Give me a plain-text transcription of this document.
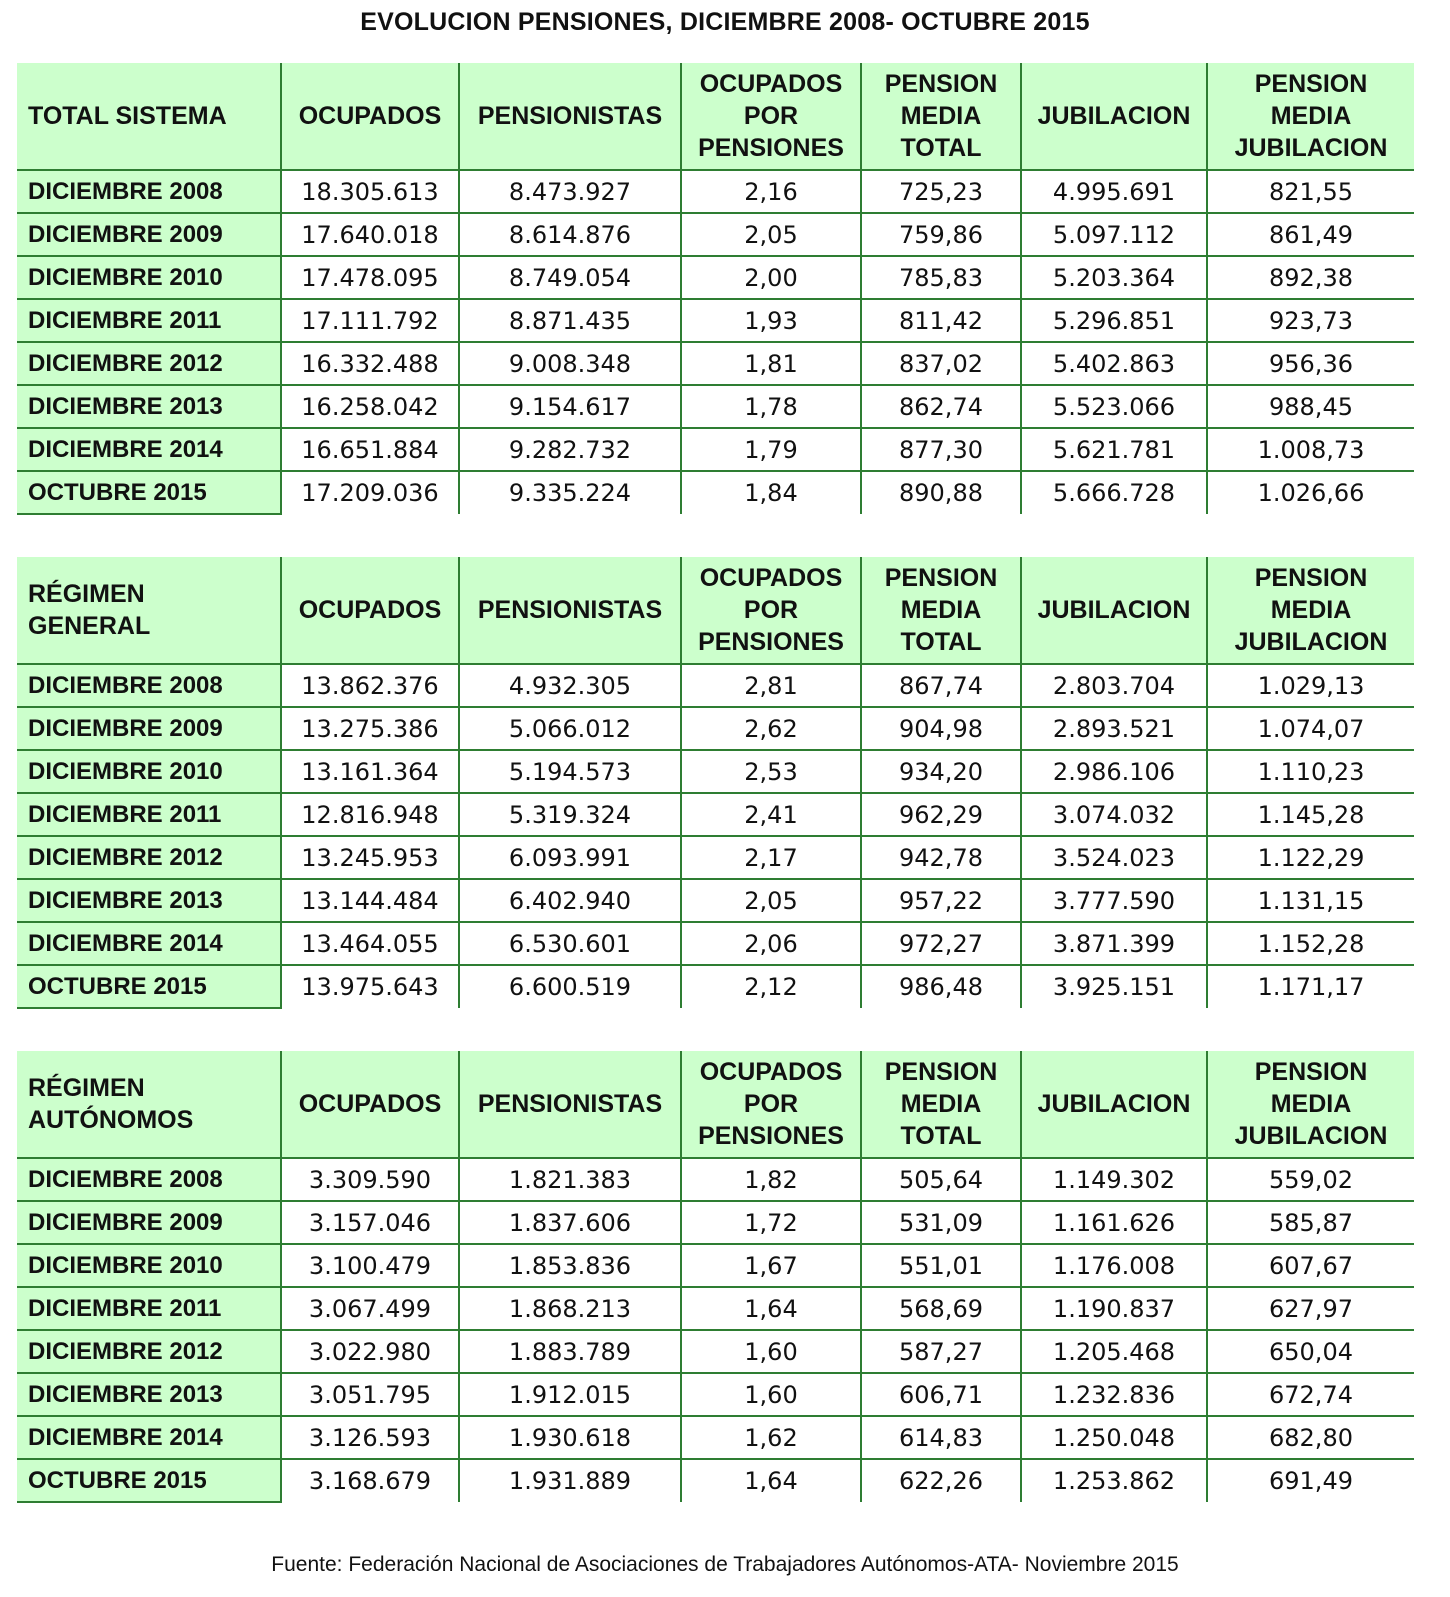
EVOLUCION PENSIONES, DICIEMBRE 2008- OCTUBRE 2015
TOTAL SISTEMA	OCUPADOS	PENSIONISTAS	OCUPADOS
POR
PENSIONES	PENSION
MEDIA
TOTAL	JUBILACION	PENSION
MEDIA
JUBILACION
DICIEMBRE 2008	18.305.613	8.473.927	2,16	725,23	4.995.691	821,55
DICIEMBRE 2009	17.640.018	8.614.876	2,05	759,86	5.097.112	861,49
DICIEMBRE 2010	17.478.095	8.749.054	2,00	785,83	5.203.364	892,38
DICIEMBRE 2011	17.111.792	8.871.435	1,93	811,42	5.296.851	923,73
DICIEMBRE 2012	16.332.488	9.008.348	1,81	837,02	5.402.863	956,36
DICIEMBRE 2013	16.258.042	9.154.617	1,78	862,74	5.523.066	988,45
DICIEMBRE 2014	16.651.884	9.282.732	1,79	877,30	5.621.781	1.008,73
OCTUBRE 2015	17.209.036	9.335.224	1,84	890,88	5.666.728	1.026,66
RÉGIMEN
GENERAL	OCUPADOS	PENSIONISTAS	OCUPADOS
POR
PENSIONES	PENSION
MEDIA
TOTAL	JUBILACION	PENSION
MEDIA
JUBILACION
DICIEMBRE 2008	13.862.376	4.932.305	2,81	867,74	2.803.704	1.029,13
DICIEMBRE 2009	13.275.386	5.066.012	2,62	904,98	2.893.521	1.074,07
DICIEMBRE 2010	13.161.364	5.194.573	2,53	934,20	2.986.106	1.110,23
DICIEMBRE 2011	12.816.948	5.319.324	2,41	962,29	3.074.032	1.145,28
DICIEMBRE 2012	13.245.953	6.093.991	2,17	942,78	3.524.023	1.122,29
DICIEMBRE 2013	13.144.484	6.402.940	2,05	957,22	3.777.590	1.131,15
DICIEMBRE 2014	13.464.055	6.530.601	2,06	972,27	3.871.399	1.152,28
OCTUBRE 2015	13.975.643	6.600.519	2,12	986,48	3.925.151	1.171,17
RÉGIMEN
AUTÓNOMOS	OCUPADOS	PENSIONISTAS	OCUPADOS
POR
PENSIONES	PENSION
MEDIA
TOTAL	JUBILACION	PENSION
MEDIA
JUBILACION
DICIEMBRE 2008	3.309.590	1.821.383	1,82	505,64	1.149.302	559,02
DICIEMBRE 2009	3.157.046	1.837.606	1,72	531,09	1.161.626	585,87
DICIEMBRE 2010	3.100.479	1.853.836	1,67	551,01	1.176.008	607,67
DICIEMBRE 2011	3.067.499	1.868.213	1,64	568,69	1.190.837	627,97
DICIEMBRE 2012	3.022.980	1.883.789	1,60	587,27	1.205.468	650,04
DICIEMBRE 2013	3.051.795	1.912.015	1,60	606,71	1.232.836	672,74
DICIEMBRE 2014	3.126.593	1.930.618	1,62	614,83	1.250.048	682,80
OCTUBRE 2015	3.168.679	1.931.889	1,64	622,26	1.253.862	691,49
Fuente: Federación Nacional de Asociaciones de Trabajadores Autónomos-ATA- Noviembre 2015
